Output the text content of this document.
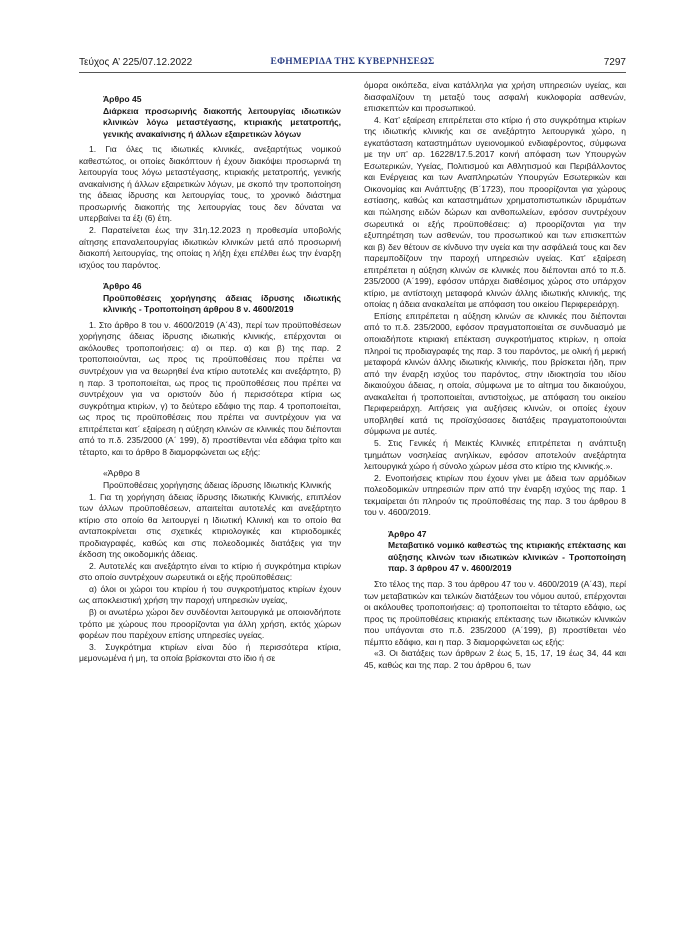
Τεύχος A’ 225/07.12.2022	ΕΦΗΜΕΡΙΔΑ ΤΗΣ ΚΥΒΕΡΝΗΣΕΩΣ	7297

Άρθρο 45
Διάρκεια προσωρινής διακοπής λειτουργίας ιδιωτικών κλινικών λόγω μεταστέγασης, κτιριακής μετατροπής, γενικής ανακαίνισης ή άλλων εξαιρετικών λόγων

1. Για όλες τις ιδιωτικές κλινικές, ανεξαρτήτως νομικού καθεστώτος, οι οποίες διακόπτουν ή έχουν διακόψει προσωρινά τη λειτουργία τους λόγω μεταστέγασης, κτιριακής μετατροπής, γενικής ανακαίνισης ή άλλων εξαιρετικών λόγων, με σκοπό την τροποποίηση της άδειας ίδρυσης και λειτουργίας τους, το χρονικό διάστημα προσωρινής διακοπής της λειτουργίας τους δεν δύναται να υπερβαίνει τα έξι (6) έτη.

2. Παρατείνεται έως την 31η.12.2023 η προθεσμία υποβολής αίτησης επαναλειτουργίας ιδιωτικών κλινικών μετά από προσωρινή διακοπή λειτουργίας, της οποίας η λήξη έχει επέλθει έως την έναρξη ισχύος του παρόντος.

Άρθρο 46
Προϋποθέσεις χορήγησης άδειας ίδρυσης ιδιωτικής κλινικής - Τροποποίηση άρθρου 8 ν. 4600/2019

1. Στο άρθρο 8 του ν. 4600/2019 (Α΄43), περί των προϋποθέσεων χορήγησης άδειας ίδρυσης ιδιωτικής κλινικής, επέρχονται οι ακόλουθες τροποποιήσεις: α) οι περ. α) και β) της παρ. 2 τροποποιούνται, ως προς τις προϋποθέσεις που πρέπει να συντρέχουν για να θεωρηθεί ένα κτίριο αυτοτελές και ανεξάρτητο, β) η παρ. 3 τροποποιείται, ως προς τις προϋποθέσεις που πρέπει να συντρέχουν για να οριστούν δύο ή περισσότερα κτίρια ως συγκρότημα κτιρίων, γ) το δεύτερο εδάφιο της παρ. 4 τροποποιείται, ως προς τις προϋποθέσεις που πρέπει να συντρέχουν για να επιτρέπεται κατ΄ εξαίρεση η αύξηση κλινών σε κλινικές που διέπονται από το π.δ. 235/2000 (Α΄ 199), δ) προστίθενται νέα εδάφια τρίτο και τέταρτο, και το άρθρο 8 διαμορφώνεται ως εξής:

«Άρθρο 8
Προϋποθέσεις χορήγησης άδειας ίδρυσης Ιδιωτικής Κλινικής

1. Για τη χορήγηση άδειας ίδρυσης Ιδιωτικής Κλινικής, επιπλέον των άλλων προϋποθέσεων, απαιτείται αυτοτελές και ανεξάρτητο κτίριο στο οποίο θα λειτουργεί η Ιδιωτική Κλινική και το οποίο θα ανταποκρίνεται στις σχετικές κτιριολογικές και κτιριοδομικές προδιαγραφές, καθώς και στις πολεοδομικές διατάξεις για την έκδοση της οικοδομικής άδειας.

2. Αυτοτελές και ανεξάρτητο είναι το κτίριο ή συγκρότημα κτιρίων στο οποίο συντρέχουν σωρευτικά οι εξής προϋποθέσεις:

α) όλοι οι χώροι του κτιρίου ή του συγκροτήματος κτιρίων έχουν ως αποκλειστική χρήση την παροχή υπηρεσιών υγείας,

β) οι ανωτέρω χώροι δεν συνδέονται λειτουργικά με οποιονδήποτε τρόπο με χώρους που προορίζονται για άλλη χρήση, εκτός χώρων φορέων που παρέχουν επίσης υπηρεσίες υγείας.

3. Συγκρότημα κτιρίων είναι δύο ή περισσότερα κτίρια, μεμονωμένα ή μη, τα οποία βρίσκονται στο ίδιο ή σε

όμορα οικόπεδα, είναι κατάλληλα για χρήση υπηρεσιών υγείας, και διασφαλίζουν τη μεταξύ τους ασφαλή κυκλοφορία ασθενών, επισκεπτών και προσωπικού.

4. Κατ’ εξαίρεση επιτρέπεται στο κτίριο ή στο συγκρότημα κτιρίων της ιδιωτικής κλινικής και σε ανεξάρτητο λειτουργικά χώρο, η εγκατάσταση καταστημάτων υγειονομικού ενδιαφέροντος, σύμφωνα με την υπ’ αρ. 16228/17.5.2017 κοινή απόφαση των Υπουργών Εσωτερικών, Υγείας, Πολιτισμού και Αθλητισμού και Περιβάλλοντος και Ενέργειας και των Αναπληρωτών Υπουργών Εσωτερικών και Οικονομίας και Ανάπτυξης (Β΄1723), που προορίζονται για χώρους εστίασης, καθώς και καταστημάτων χρηματοπιστωτικών ιδρυμάτων και πώλησης ειδών δώρων και ανθοπωλείων, εφόσον συντρέχουν σωρευτικά οι εξής προϋποθέσεις: α) προορίζονται για την εξυπηρέτηση των ασθενών, του προσωπικού και των επισκεπτών και β) δεν θέτουν σε κίνδυνο την υγεία και την ασφάλειά τους και δεν παρεμποδίζουν την παροχή υπηρεσιών υγείας. Κατ’ εξαίρεση επιτρέπεται η αύξηση κλινών σε κλινικές που διέπονται από το π.δ. 235/2000 (Α΄199), εφόσον υπάρχει διαθέσιμος χώρος στο υπάρχον κτίριο, με αντίστοιχη μεταφορά κλινών άλλης ιδιωτικής κλινικής, της οποίας η άδεια ανακαλείται με απόφαση του οικείου Περιφερειάρχη.

Επίσης επιτρέπεται η αύξηση κλινών σε κλινικές που διέπονται από το π.δ. 235/2000, εφόσον πραγματοποιείται σε συνδυασμό με οποιαδήποτε κτιριακή επέκταση συγκροτήματος κτιρίων, η οποία πληροί τις προδιαγραφές της παρ. 3 του παρόντος, με ολική ή μερική μεταφορά κλινών άλλης ιδιωτικής κλινικής, που βρίσκεται ήδη, πριν από την έναρξη ισχύος του παρόντος, στην ιδιοκτησία του ιδίου δικαιούχου άδειας, η οποία, σύμφωνα με το αίτημα του δικαιούχου, ανακαλείται ή τροποποιείται, αντιστοίχως, με απόφαση του οικείου Περιφερειάρχη. Αιτήσεις για αυξήσεις κλινών, οι οποίες έχουν υποβληθεί κατά τις προϊσχύσασες διατάξεις πραγματοποιούνται σύμφωνα με αυτές.

5. Στις Γενικές ή Μεικτές Κλινικές επιτρέπεται η ανάπτυξη τμημάτων νοσηλείας ανηλίκων, εφόσον αποτελούν ανεξάρτητα λειτουργικά χώρο ή σύνολο χώρων μέσα στο κτίριο της κλινικής.».

2. Ενοποιήσεις κτιρίων που έχουν γίνει με άδεια των αρμόδιων πολεοδομικών υπηρεσιών πριν από την έναρξη ισχύος της παρ. 1 τεκμαίρεται ότι πληρούν τις προϋποθέσεις της παρ. 3 του άρθρου 8 του ν. 4600/2019.

Άρθρο 47
Μεταβατικό νομικό καθεστώς της κτιριακής επέκτασης και αύξησης κλινών των ιδιωτικών κλινικών - Τροποποίηση παρ. 3 άρθρου 47 ν. 4600/2019

Στο τέλος της παρ. 3 του άρθρου 47 του ν. 4600/2019 (Α΄43), περί των μεταβατικών και τελικών διατάξεων του νόμου αυτού, επέρχονται οι ακόλουθες τροποποιήσεις: α) τροποποιείται το τέταρτο εδάφιο, ως προς τις προϋποθέσεις κτιριακής επέκτασης των ιδιωτικών κλινικών που υπάγονται στο π.δ. 235/2000 (Α΄199), β) προστίθεται νέο πέμπτο εδάφιο, και η παρ. 3 διαμορφώνεται ως εξής:

«3. Οι διατάξεις των άρθρων 2 έως 5, 15, 17, 19 έως 34, 44 και 45, καθώς και της παρ. 2 του άρθρου 6, των
